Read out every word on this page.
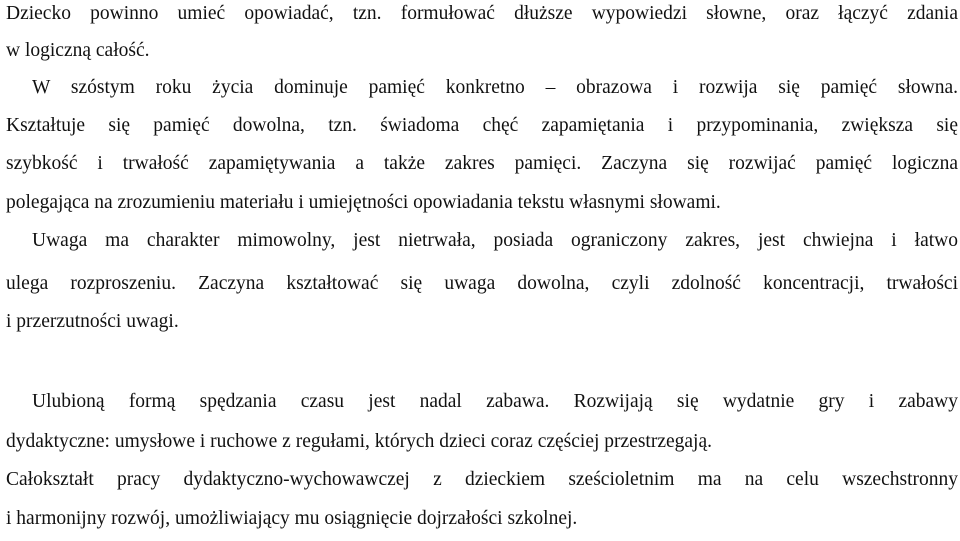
Dziecko powinno umieć opowiadać, tzn. formułować dłuższe wypowiedzi słowne, oraz łączyć zdania
w logiczną całość.
W szóstym roku życia dominuje pamięć konkretno – obrazowa i rozwija się pamięć słowna.
Kształtuje się pamięć dowolna, tzn. świadoma chęć zapamiętania i przypominania, zwiększa się
szybkość i trwałość zapamiętywania a także zakres pamięci. Zaczyna się rozwijać pamięć logiczna
polegająca na zrozumieniu materiału i umiejętności opowiadania tekstu własnymi słowami.
Uwaga ma charakter mimowolny, jest nietrwała, posiada ograniczony zakres, jest chwiejna i łatwo
ulega rozproszeniu. Zaczyna kształtować się uwaga dowolna, czyli zdolność koncentracji, trwałości
i przerzutności uwagi.
Ulubioną formą spędzania czasu jest nadal zabawa. Rozwijają się wydatnie gry i zabawy
dydaktyczne: umysłowe i ruchowe z regułami, których dzieci coraz częściej przestrzegają.
Całokształt pracy dydaktyczno-wychowawczej z dzieckiem sześcioletnim ma na celu wszechstronny
i harmonijny rozwój, umożliwiający mu osiągnięcie dojrzałości szkolnej.
